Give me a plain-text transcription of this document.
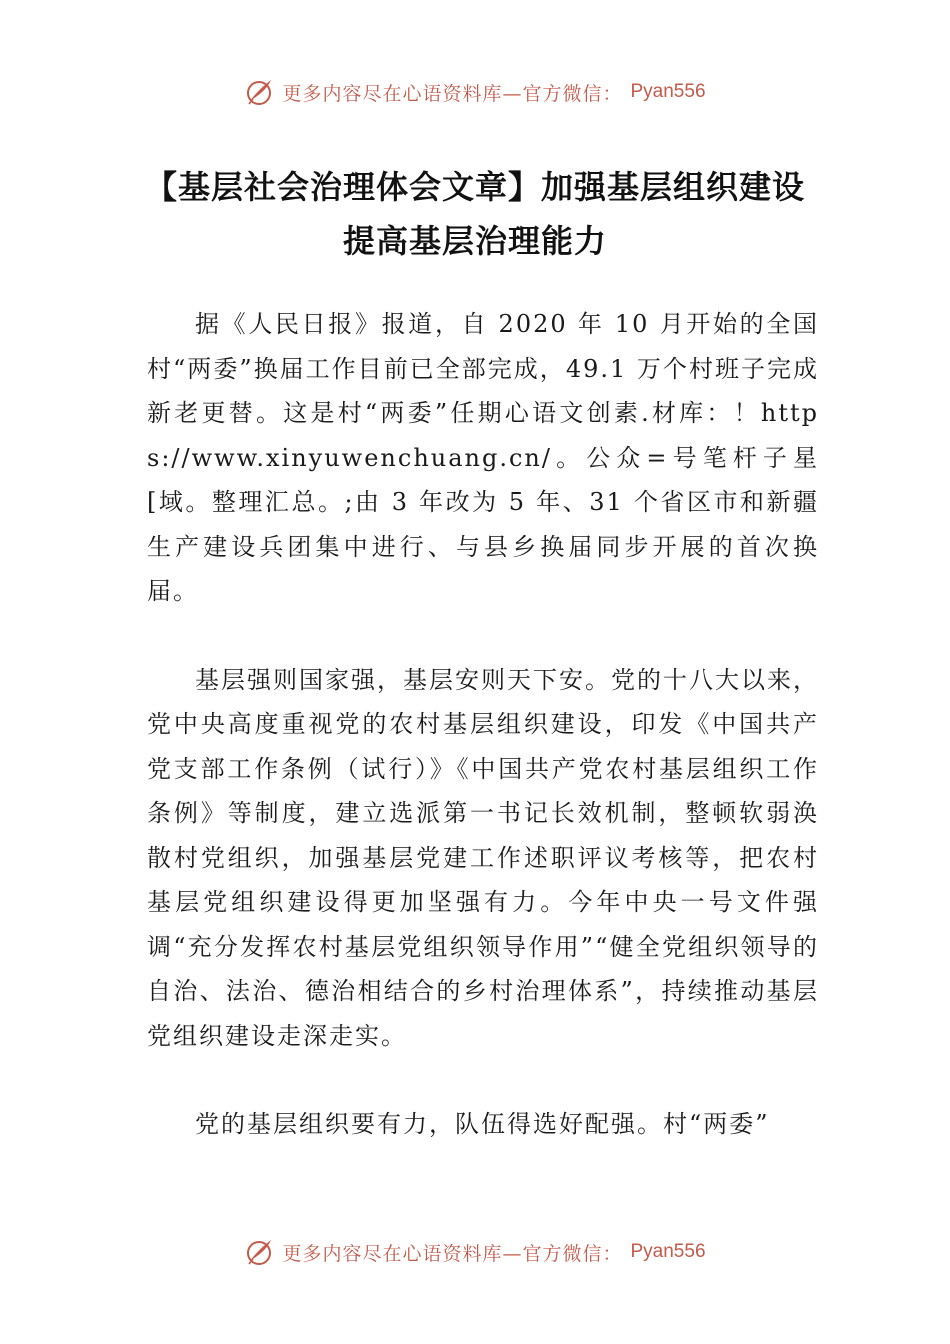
更多内容尽在心语资料库—官方微信： Pyan556
【基层社会治理体会文章】加强基层组织建设 提高基层治理能力

据《人民日报》报道，自 2020 年 10 月开始的全国村“两委”换届工作目前已全部完成，49.1 万个村班子完成新老更替。这是村“两委”任期心语文创素.材库：！https://www.xinyuwenchuang.cn/。公众=号笔杆子星[域。整理汇总。;由 3 年改为 5 年、31 个省区市和新疆生产建设兵团集中进行、与县乡换届同步开展的首次换届。

基层强则国家强，基层安则天下安。党的十八大以来，党中央高度重视党的农村基层组织建设，印发《中国共产党支部工作条例（试行）》《中国共产党农村基层组织工作条例》等制度，建立选派第一书记长效机制，整顿软弱涣散村党组织，加强基层党建工作述职评议考核等，把农村基层党组织建设得更加坚强有力。今年中央一号文件强调“充分发挥农村基层党组织领导作用”“健全党组织领导的自治、法治、德治相结合的乡村治理体系”，持续推动基层党组织建设走深走实。

党的基层组织要有力，队伍得选好配强。村“两委”

更多内容尽在心语资料库—官方微信： Pyan556
